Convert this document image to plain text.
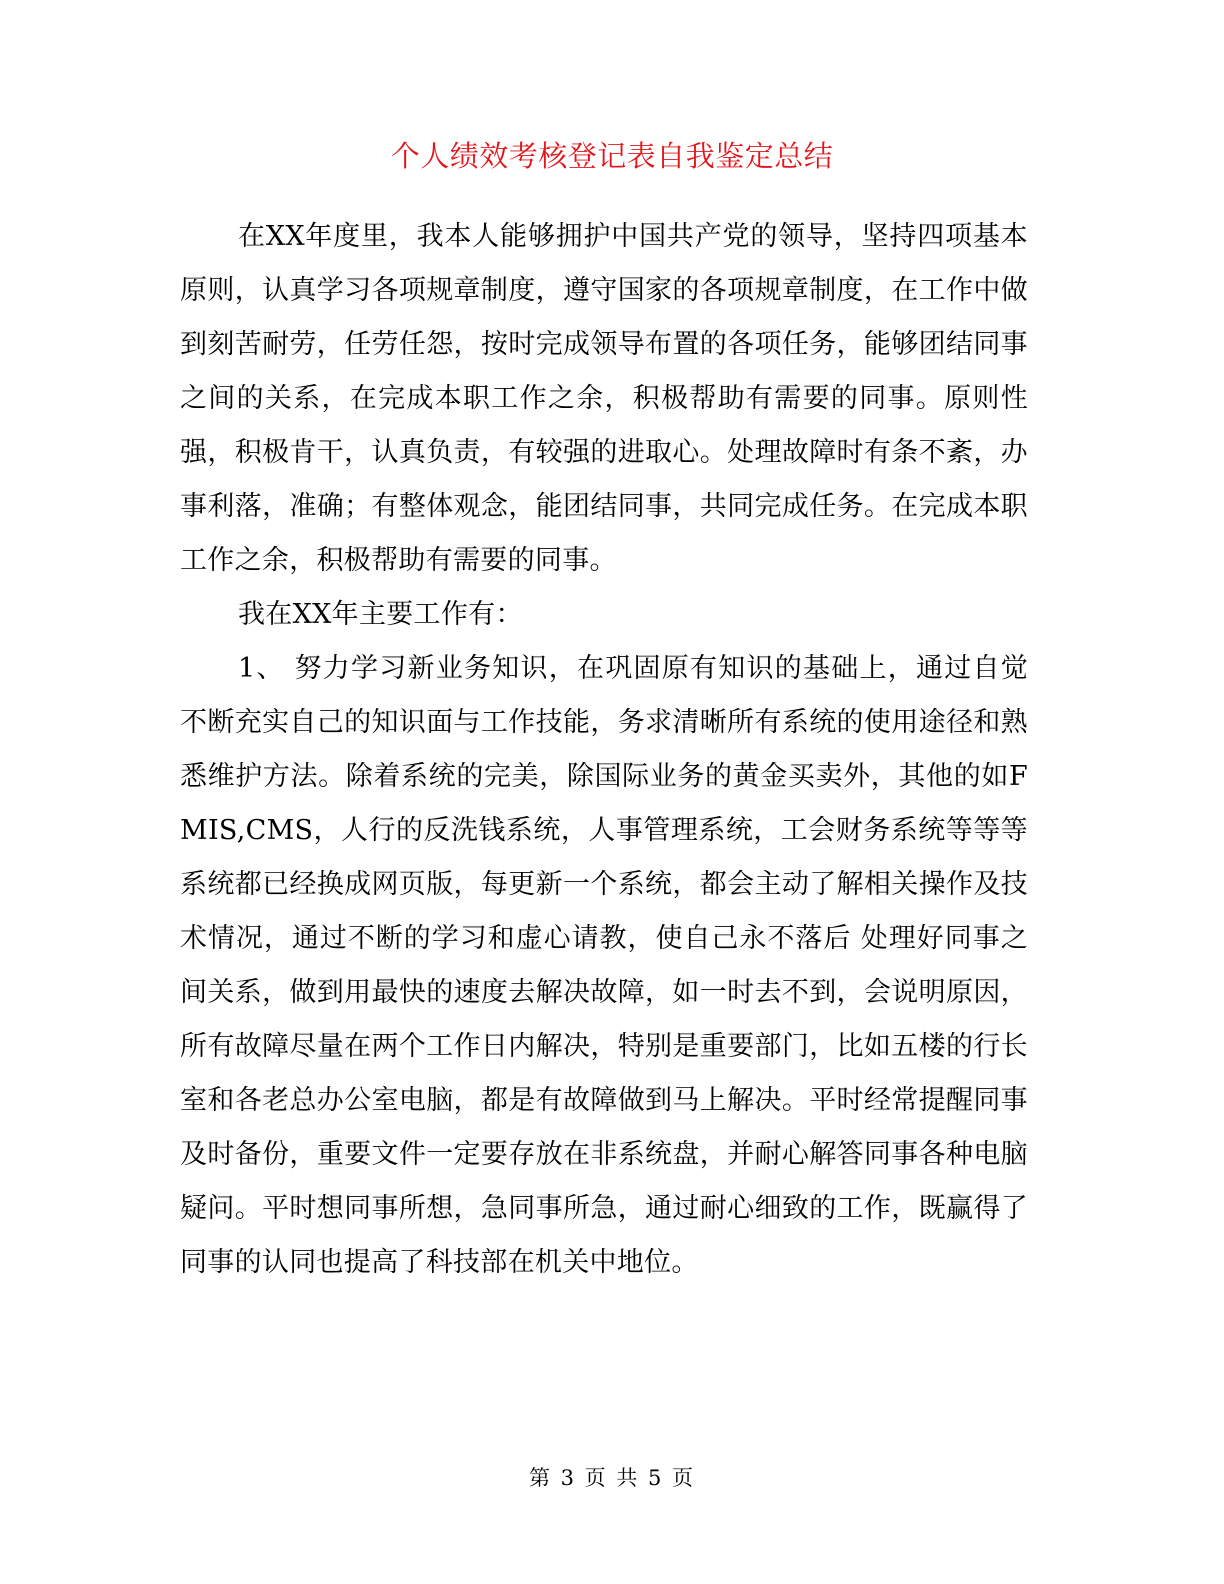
个人绩效考核登记表自我鉴定总结

在XX年度里，我本人能够拥护中国共产党的领导，坚持四项基本原则，认真学习各项规章制度，遵守国家的各项规章制度，在工作中做到刻苦耐劳，任劳任怨，按时完成领导布置的各项任务，能够团结同事之间的关系，在完成本职工作之余，积极帮助有需要的同事。原则性强，积极肯干，认真负责，有较强的进取心。处理故障时有条不紊，办事利落，准确；有整体观念，能团结同事，共同完成任务。在完成本职工作之余，积极帮助有需要的同事。

我在XX年主要工作有：

1、 努力学习新业务知识，在巩固原有知识的基础上，通过自觉不断充实自己的知识面与工作技能，务求清晰所有系统的使用途径和熟悉维护方法。除着系统的完美，除国际业务的黄金买卖外，其他的如FMIS,CMS，人行的反洗钱系统，人事管理系统，工会财务系统等等等系统都已经换成网页版，每更新一个系统，都会主动了解相关操作及技术情况，通过不断的学习和虚心请教，使自己永不落后 处理好同事之间关系，做到用最快的速度去解决故障，如一时去不到，会说明原因，所有故障尽量在两个工作日内解决，特别是重要部门，比如五楼的行长室和各老总办公室电脑，都是有故障做到马上解决。平时经常提醒同事及时备份，重要文件一定要存放在非系统盘，并耐心解答同事各种电脑疑问。平时想同事所想，急同事所急，通过耐心细致的工作，既赢得了同事的认同也提高了科技部在机关中地位。

第 3 页 共 5 页
